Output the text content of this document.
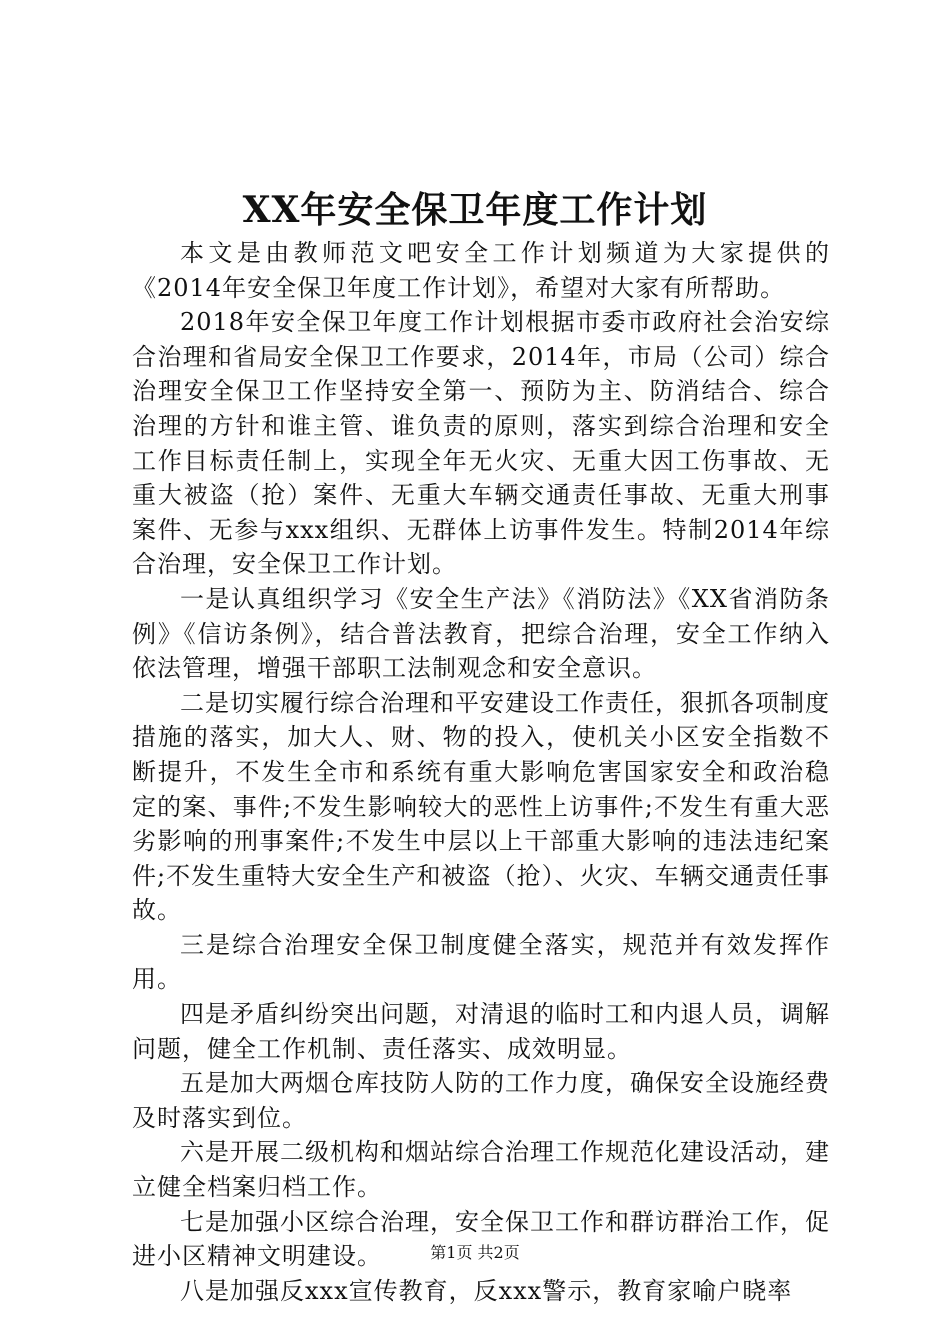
XX年安全保卫年度工作计划

本文是由教师范文吧安全工作计划频道为大家提供的《2014年安全保卫年度工作计划》，希望对大家有所帮助。

2018年安全保卫年度工作计划根据市委市政府社会治安综合治理和省局安全保卫工作要求，2014年，市局（公司）综合治理安全保卫工作坚持安全第一、预防为主、防消结合、综合治理的方针和谁主管、谁负责的原则，落实到综合治理和安全工作目标责任制上，实现全年无火灾、无重大因工伤事故、无重大被盗（抢）案件、无重大车辆交通责任事故、无重大刑事案件、无参与xxx组织、无群体上访事件发生。特制2014年综合治理，安全保卫工作计划。

一是认真组织学习《安全生产法》《消防法》《XX省消防条例》《信访条例》，结合普法教育，把综合治理，安全工作纳入依法管理，增强干部职工法制观念和安全意识。

二是切实履行综合治理和平安建设工作责任，狠抓各项制度措施的落实，加大人、财、物的投入，使机关小区安全指数不断提升，不发生全市和系统有重大影响危害国家安全和政治稳定的案、事件;不发生影响较大的恶性上访事件;不发生有重大恶劣影响的刑事案件;不发生中层以上干部重大影响的违法违纪案件;不发生重特大安全生产和被盗（抢）、火灾、车辆交通责任事故。

三是综合治理安全保卫制度健全落实，规范并有效发挥作用。

四是矛盾纠纷突出问题，对清退的临时工和内退人员，调解问题，健全工作机制、责任落实、成效明显。

五是加大两烟仓库技防人防的工作力度，确保安全设施经费及时落实到位。

六是开展二级机构和烟站综合治理工作规范化建设活动，建立健全档案归档工作。

七是加强小区综合治理，安全保卫工作和群访群治工作，促进小区精神文明建设。

八是加强反xxx宣传教育，反xxx警示，教育家喻户晓率

第1页 共2页
